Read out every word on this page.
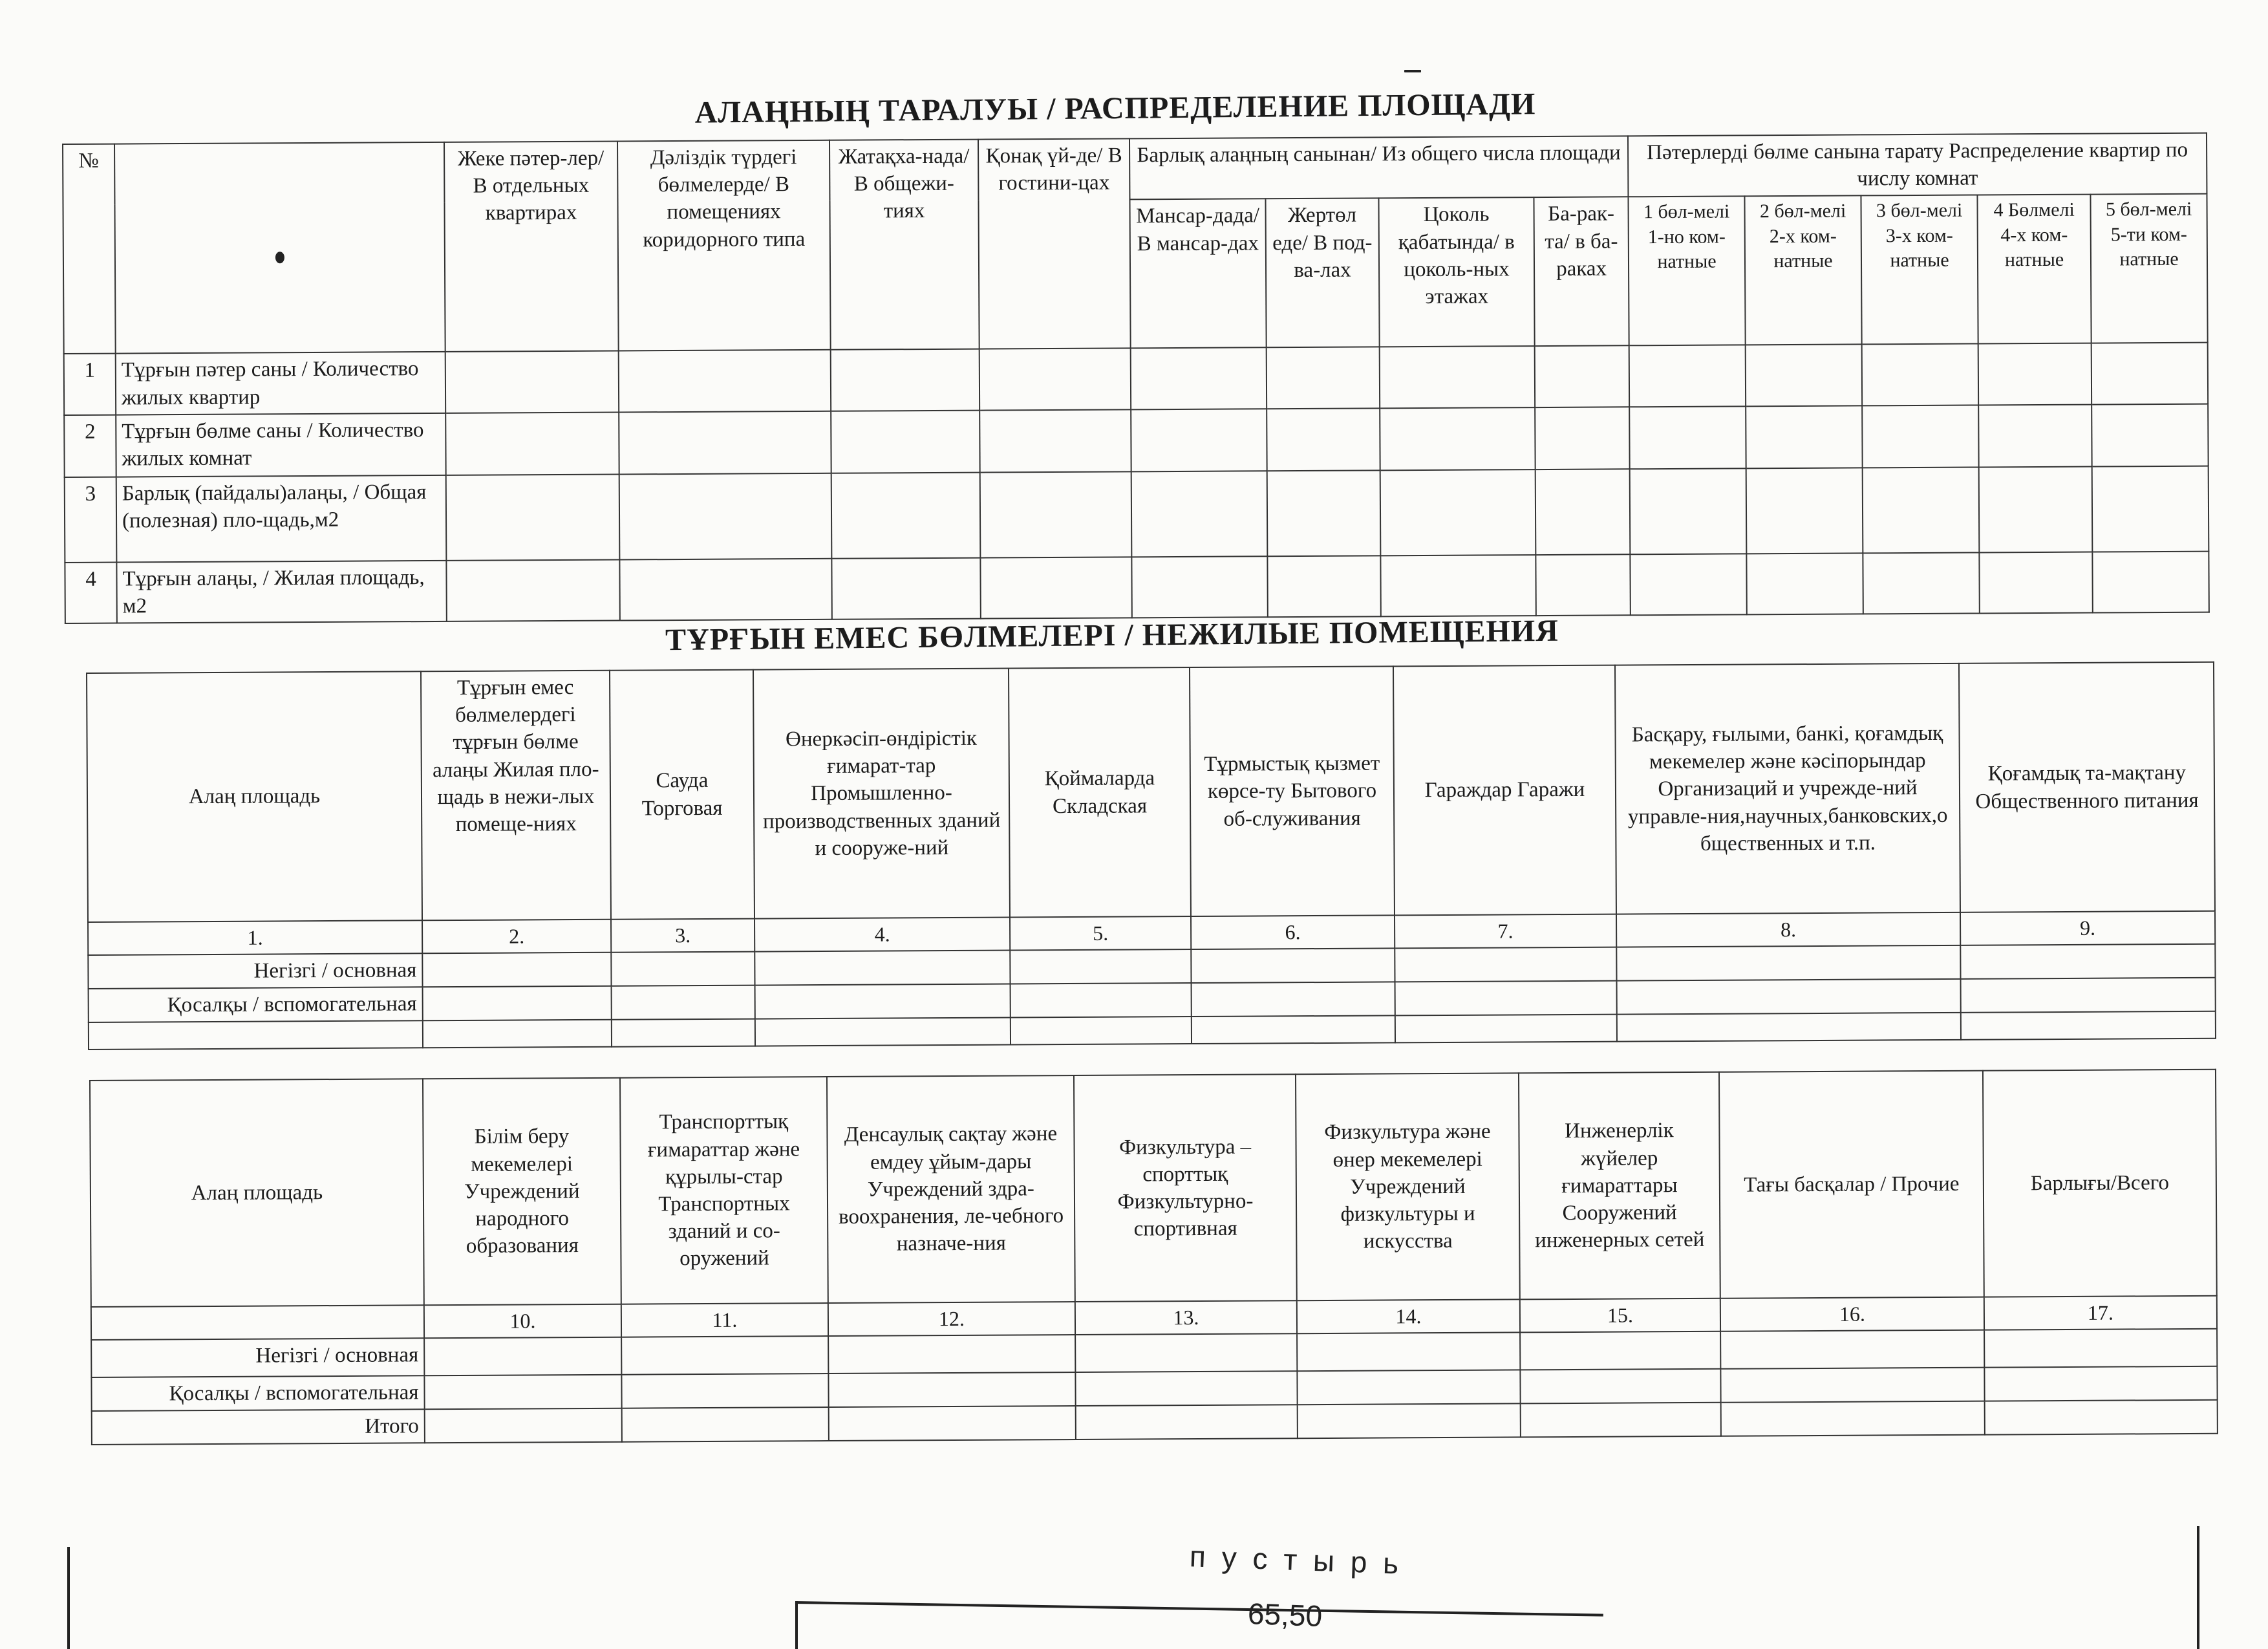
АЛАҢНЫҢ ТАРАЛУЫ / РАСПРЕДЕЛЕНИЕ ПЛОЩАДИ
№		Жеке пәтер-лер/ В отдельных квартирах	Дәліздік түрдегі бөлмелерде/ В помещениях коридорного типа	Жатақха-нада/ В общежи-тиях	Қонақ үй-де/ В гостини-цах	Барлық алаңның санынан/ Из общего числа площади				Пәтерлерді бөлме санына тарату Распределение квартир по числу комнат				
						Мансар-дада/ В мансар-дах	Жертөл еде/ В под-ва-лах	Цоколь қабатында/ в цоколь-ных этажах	Ба-рак-та/ в ба-раках	1 бөл-мелі 1-но ком-натные	2 бөл-мелі 2-х ком-натные	3 бөл-мелі 3-х ком-натные	4 Бөлмелі 4-х ком-натные	5 бөл-мелі 5-ти ком-натные
1	Тұрғын пәтер саны / Количество жилых квартир													
2	Тұрғын бөлме саны / Количество жилых комнат													
3	Барлық (пайдалы)алаңы, / Общая (полезная) пло-щадь,м2													
4	Тұрғын алаңы, / Жилая площадь, м2													
ТҰРҒЫН ЕМЕС БӨЛМЕЛЕРІ / НЕЖИЛЫЕ ПОМЕЩЕНИЯ
Алаң площадь	Тұрғын емес бөлмелердегі тұрғын бөлме алаңы Жилая пло-щадь в нежи-лых помеще-ниях	Сауда Торговая	Өнеркәсіп-өндірістік ғимарат-тар Промышленно-производственных зданий и сооруже-ний	Қоймаларда Складская	Тұрмыстық қызмет көрсе-ту Бытового об-служивания	Гараждар Гаражи	Басқару, ғылыми, банкі, қоғамдық мекемелер және кәсіпорындар Организаций и учрежде-ний управле-ния,научных,банковских,о бщественных и т.п.	Қоғамдық та-мақтану Общественного питания
1.	2.	3.	4.	5.	6.	7.	8.	9.
Негізгі / основная								
Қосалқы / вспомогательная								

Алаң площадь	Білім беру мекемелері Учреждений народного образования	Транспорттық ғимараттар және құрылы-стар Транспортных зданий и со-оружений	Денсаулық сақтау және емдеу ұйым-дары Учреждений здра-воохранения, ле-чебного назначе-ния	Физкультура – спорттық Физкультурно-спортивная	Физкультура және өнер мекемелері Учреждений физкультуры и искусства	Инженерлік жүйелер ғимараттары Сооружений инженерных сетей	Тағы басқалар / Прочие	Барлығы/Всего
	10.	11.	12.	13.	14.	15.	16.	17.
Негізгі / основная								
Қосалқы / вспомогательная								
Итого								
п у с т ы р ь
65,50
